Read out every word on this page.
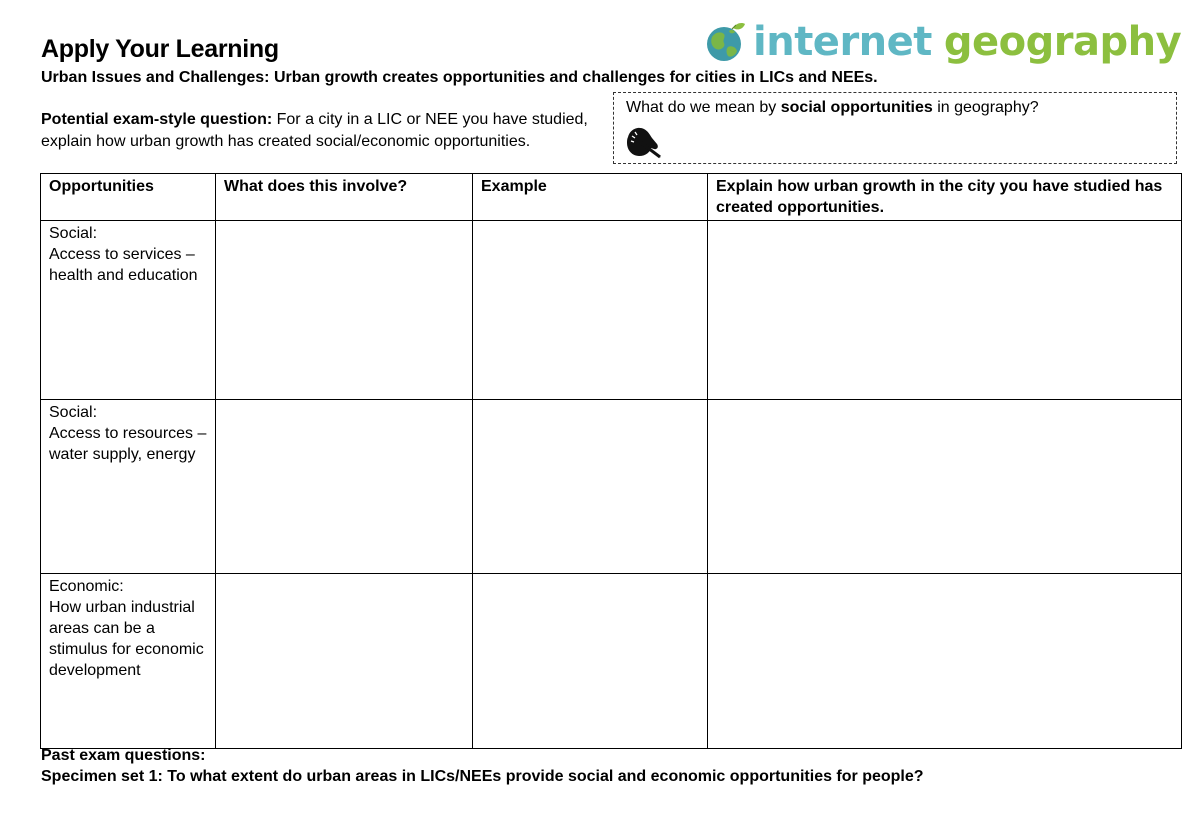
Apply Your Learning
Urban Issues and Challenges: Urban growth creates opportunities and challenges for cities in LICs and NEEs.
internet geography
Potential exam-style question: For a city in a LIC or NEE you have studied, explain how urban growth has created social/economic opportunities.
What do we mean by social opportunities in geography?
Opportunities	What does this involve?	Example	Explain how urban growth in the city you have studied has created opportunities.

Social:
Access to services –
health and education			

Social:
Access to resources –
water supply, energy			

Economic:
How urban industrial
areas can be a
stimulus for economic
development			

Past exam questions:
Specimen set 1: To what extent do urban areas in LICs/NEEs provide social and economic opportunities for people?
